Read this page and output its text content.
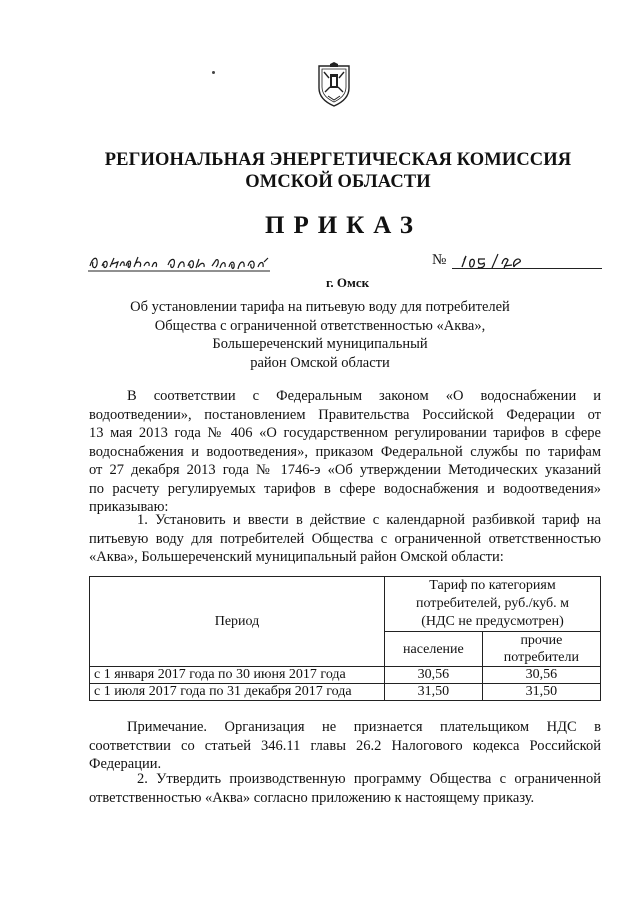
РЕГИОНАЛЬНАЯ ЭНЕРГЕТИЧЕСКАЯ КОМИССИЯ
ОМСКОЙ ОБЛАСТИ
ПРИКАЗ
№
г. Омск
Об установлении тарифа на питьевую воду для потребителей
Общества с ограниченной ответственностью «Аква»,
Большереченский муниципальный
район Омской области
В соответствии с Федеральным законом «О водоснабжении и
водоотведении», постановлением Правительства Российской Федерации от
13 мая 2013 года № 406 «О государственном регулировании тарифов в сфере
водоснабжения и водоотведения», приказом Федеральной службы по тарифам
от 27 декабря 2013 года № 1746-э «Об утверждении Методических указаний
по расчету регулируемых тарифов в сфере водоснабжения и водоотведения»
приказываю:
1. Установить и ввести в действие с календарной разбивкой тариф на
питьевую воду для потребителей Общества с ограниченной ответственностью
«Аква», Большереченский муниципальный район Омской области:
Период	Тариф по категориям
потребителей, руб./куб. м
(НДС не предусмотрен)	

	население	прочие
потребители

с 1 января 2017 года по 30 июня 2017 года	30,56	30,56
с 1 июля 2017 года по 31 декабря 2017 года	31,50	31,50
Примечание. Организация не признается плательщиком НДС в
соответствии со статьей 346.11 главы 26.2 Налогового кодекса Российской
Федерации.
2. Утвердить производственную программу Общества с ограниченной
ответственностью «Аква» согласно приложению к настоящему приказу.
